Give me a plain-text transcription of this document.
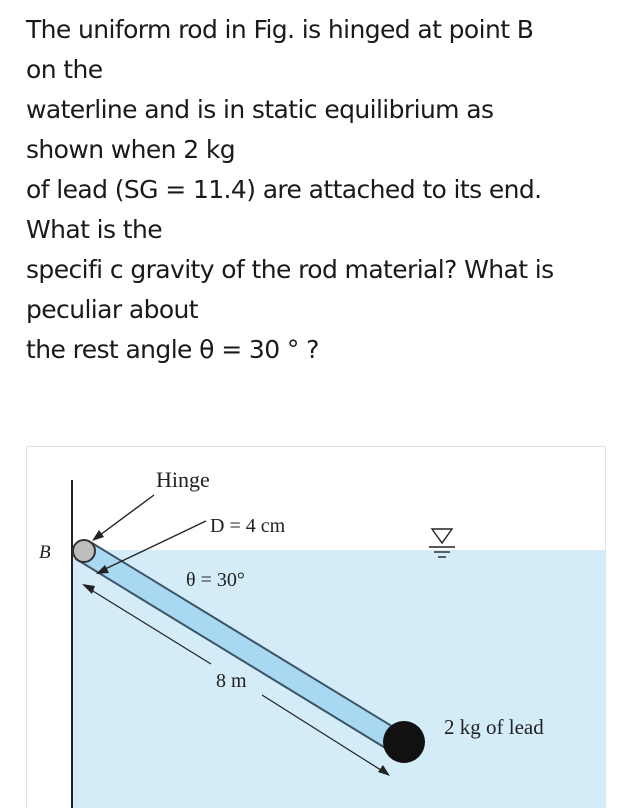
The uniform rod in Fig. is hinged at point B
on the
waterline and is in static equilibrium as
shown when 2 kg
of lead (SG = 11.4) are attached to its end.
What is the
specifi c gravity of the rod material? What is
peculiar about
the rest angle θ = 30 ° ?
Hinge
B
D = 4 cm
θ = 30°
8 m
2 kg of lead
